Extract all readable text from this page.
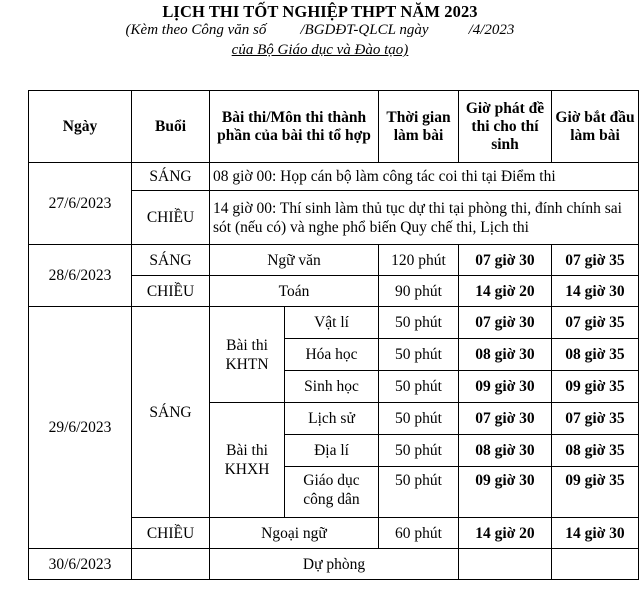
LỊCH THI TỐT NGHIỆP THPT NĂM 2023
(Kèm theo Công văn số /BGDĐT-QLCL ngày	/4/2023
của Bộ Giáo dục và Đào tạo)
Ngày	Buổi	Bài thi/Môn thi thành phần của bài thi tổ hợp		Thời gian làm bài	Giờ phát đề thi cho thí sinh	Giờ bắt đầu làm bài
27/6/2023	SÁNG	08 giờ 00: Họp cán bộ làm công tác coi thi tại Điểm thi				
	CHIỀU	14 giờ 00: Thí sinh làm thủ tục dự thi tại phòng thi, đính chính sai sót (nếu có) và nghe phổ biến Quy chế thi, Lịch thi				
28/6/2023	SÁNG	Ngữ văn		120 phút	07 giờ 30	07 giờ 35
	CHIỀU	Toán		90 phút	14 giờ 20	14 giờ 30
29/6/2023	SÁNG	Bài thi KHTN	Vật lí	50 phút	07 giờ 30	07 giờ 35
			Hóa học	50 phút	08 giờ 30	08 giờ 35
			Sinh học	50 phút	09 giờ 30	09 giờ 35
		Bài thi KHXH	Lịch sử	50 phút	07 giờ 30	07 giờ 35
			Địa lí	50 phút	08 giờ 30	08 giờ 35
			Giáo dục công dân	50 phút	09 giờ 30	09 giờ 35
	CHIỀU	Ngoại ngữ		60 phút	14 giờ 20	14 giờ 30
30/6/2023		Dự phòng				
